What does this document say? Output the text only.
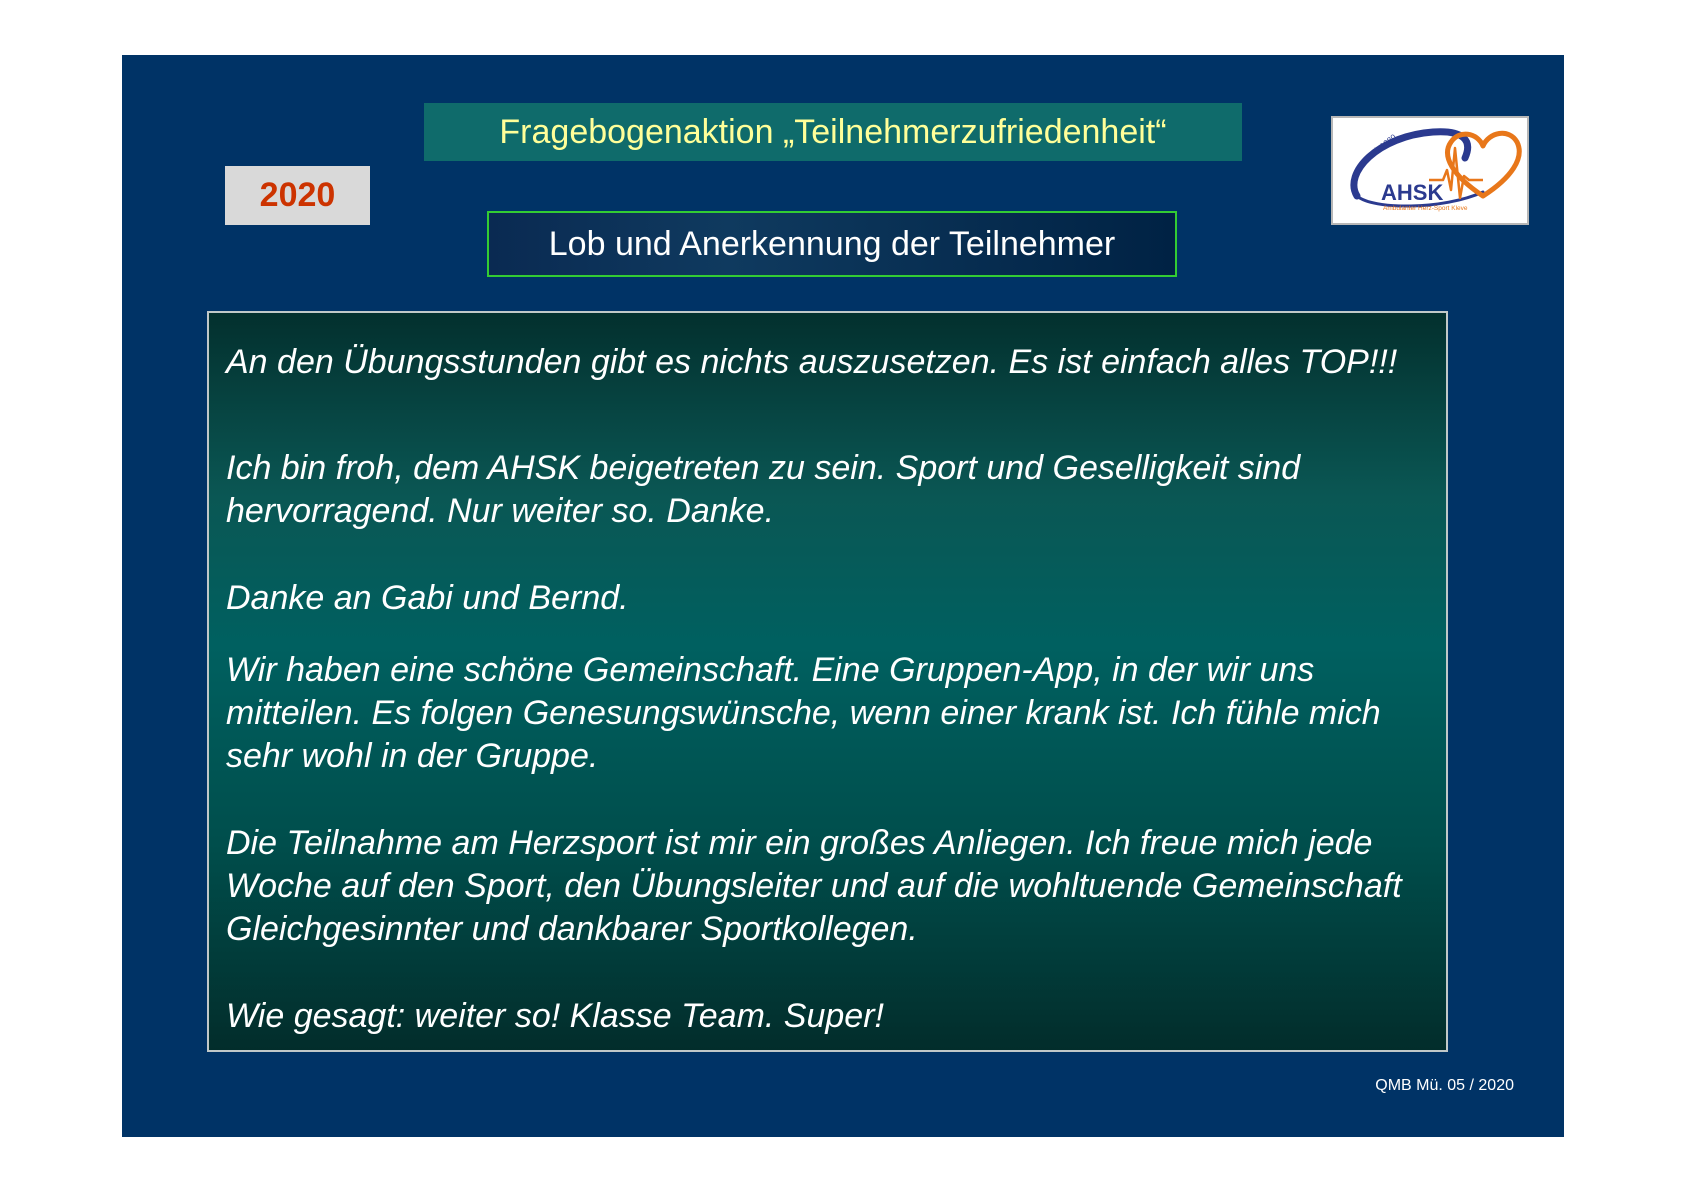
Fragebogenaktion „Teilnehmerzufriedenheit“
2020
seit 1980
AHSK
Ambulanter Herz-Sport Kleve
Lob und Anerkennung der Teilnehmer

An den Übungsstunden gibt es nichts auszusetzen. Es ist einfach alles TOP!!!

Ich bin froh, dem AHSK beigetreten zu sein. Sport und Geselligkeit sind hervorragend. Nur weiter so. Danke.

Danke an Gabi und Bernd.

Wir haben eine schöne Gemeinschaft. Eine Gruppen-App, in der wir uns mitteilen. Es folgen Genesungswünsche, wenn einer krank ist. Ich fühle mich sehr wohl in der Gruppe.

Die Teilnahme am Herzsport ist mir ein großes Anliegen. Ich freue mich jede Woche auf den Sport, den Übungsleiter und auf die wohltuende Gemeinschaft Gleichgesinnter und dankbarer Sportkollegen.

Wie gesagt: weiter so! Klasse Team. Super!

QMB Mü. 05 / 2020
